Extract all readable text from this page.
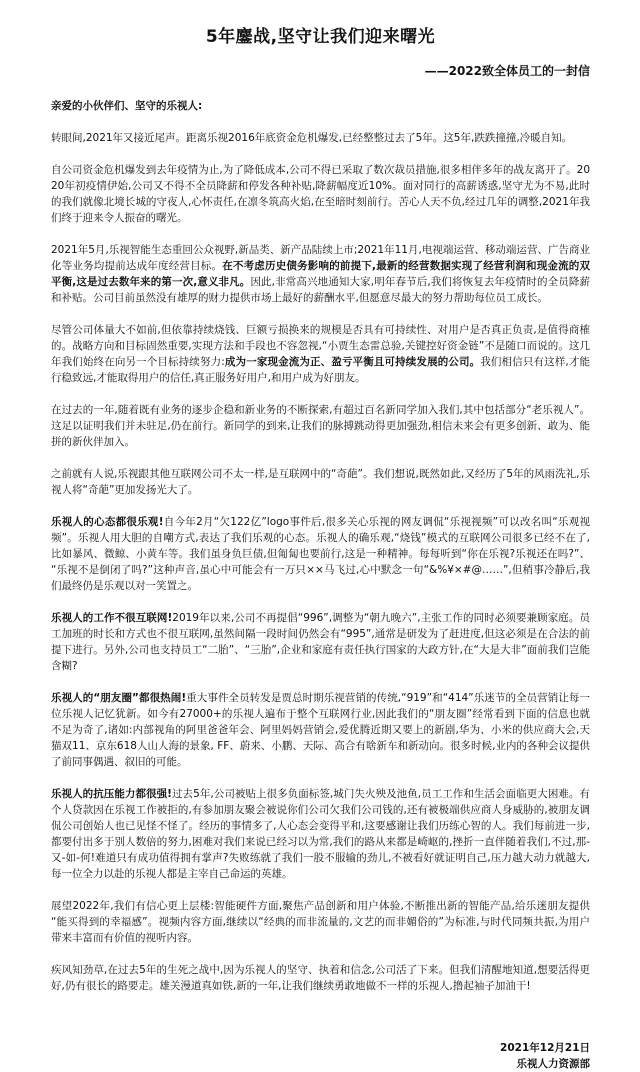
5年鏖战,坚守让我们迎来曙光
——2022致全体员工的一封信

亲爱的小伙伴们、坚守的乐视人:

转眼间,2021年又接近尾声。距离乐视2016年底资金危机爆发,已经整整过去了5年。这5年,跌跌撞撞,冷暖自知。

自公司资金危机爆发到去年疫情为止,为了降低成本,公司不得已采取了数次裁员措施,很多相伴多年的战友离开了。2020年初疫情伊始,公司又不得不全员降薪和停发各种补贴,降薪幅度近10%。面对同行的高薪诱惑,坚守尤为不易,此时的我们就像北境长城的守夜人,心怀责任,在凛冬筑高火焰,在至暗时刻前行。苦心人天不负,经过几年的调整,2021年我们终于迎来令人振奋的曙光。

2021年5月,乐视智能生态重回公众视野,新品类、新产品陆续上市;2021年11月,电视端运营、移动端运营、广告商业化等业务均提前达成年度经营目标。在不考虑历史债务影响的前提下,最新的经营数据实现了经营利润和现金流的双平衡,这是过去数年来的第一次,意义非凡。因此,非常高兴地通知大家,明年春节后,我们将恢复去年疫情时的全员降薪和补贴。公司目前虽然没有雄厚的财力提供市场上最好的薪酬水平,但愿意尽最大的努力帮助每位员工成长。

尽管公司体量大不如前,但依靠持续烧钱、巨额亏损换来的规模是否具有可持续性、对用户是否真正负责,是值得商榷的。战略方向和目标固然重要,实现方法和手段也不容忽视,“小贾生态雷总验,关键控好资金链”不是随口而说的。这几年我们始终在向另一个目标持续努力:成为一家现金流为正、盈亏平衡且可持续发展的公司。我们相信只有这样,才能行稳致远,才能取得用户的信任,真正服务好用户,和用户成为好朋友。

在过去的一年,随着既有业务的逐步企稳和新业务的不断探索,有超过百名新同学加入我们,其中包括部分“老乐视人”。这足以证明我们并未驻足,仍在前行。新同学的到来,让我们的脉搏跳动得更加强劲,相信未来会有更多创新、敢为、能拼的新伙伴加入。

之前就有人说,乐视跟其他互联网公司不太一样,是互联网中的“奇葩”。我们想说,既然如此,又经历了5年的风雨洗礼,乐视人将“奇葩”更加发扬光大了。

乐视人的心态都很乐观!自今年2月“欠122亿”logo事件后,很多关心乐视的网友调侃“乐视视频”可以改名叫“乐观视频”。乐视人用大胆的自嘲方式,表达了我们乐观的心态。乐视人的确乐观,“烧钱”模式的互联网公司很多已经不在了,比如暴风、微鲸、小黄车等。我们虽身负巨债,但匍匐也要前行,这是一种精神。每每听到“你在乐视?乐视还在吗?”、“乐视不是倒闭了吗?”这种声音,虽心中可能会有一万只××马飞过,心中默念一句“&%¥×#@……”,但稍事冷静后,我们最终仍是乐观以对一笑置之。

乐视人的工作不很互联网!2019年以来,公司不再提倡“996”,调整为“朝九晚六”,主张工作的同时必须要兼顾家庭。员工加班的时长和方式也不很互联网,虽然间隔一段时间仍然会有“995”,通常是研发为了赶进度,但这必须是在合法的前提下进行。另外,公司也支持员工“二胎”、“三胎”,企业和家庭有责任执行国家的大政方针,在“大是大非”面前我们岂能含糊?

乐视人的“朋友圈”都很热闹!重大事件全员转发是贾总时期乐视营销的传统,“919”和“414”乐迷节的全员营销让每一位乐视人记忆犹新。如今有27000+的乐视人遍布于整个互联网行业,因此我们的“朋友圈”经常看到下面的信息也就不足为奇了,诸如:内部视角的阿里爸爸年会、阿里妈妈营销会,爱优腾近期又要上的新剧,华为、小米的供应商大会,天猫双11、京东618人山人海的景象, FF、蔚来、小鹏、天际、高合有啥新车和新动向。很多时候,业内的各种会议提供了前同事偶遇、叙旧的可能。

乐视人的抗压能力都很强!过去5年,公司被贴上很多负面标签,城门失火殃及池鱼,员工工作和生活会面临更大困难。有个人贷款因在乐视工作被拒的,有参加朋友聚会被说你们公司欠我们公司钱的,还有被极端供应商人身威胁的,被朋友调侃公司创始人也已见怪不怪了。经历的事情多了,人心态会变得平和,这要感谢让我们历练心智的人。我们每前进一步,都要付出多于别人数倍的努力,困难对我们来说已经习以为常,我们的路从来都是崎岖的,挫折一直伴随着我们,不过,那-又-如-何!难道只有成功值得拥有掌声?失败练就了我们一股不服输的劲儿,不被看好就证明自己,压力越大动力就越大,每一位全力以赴的乐视人都是主宰自己命运的英雄。

展望2022年,我们有信心更上层楼:智能硬件方面,聚焦产品创新和用户体验,不断推出新的智能产品,给乐迷朋友提供“能买得到的幸福感”。视频内容方面,继续以“经典的而非流量的,文艺的而非媚俗的”为标准,与时代同频共振,为用户带来丰富而有价值的视听内容。

疾风知劲草,在过去5年的生死之战中,因为乐视人的坚守、执着和信念,公司活了下来。但我们清醒地知道,想要活得更好,仍有很长的路要走。雄关漫道真如铁,新的一年,让我们继续勇敢地做不一样的乐视人,撸起袖子加油干!

2021年12月21日
乐视人力资源部
